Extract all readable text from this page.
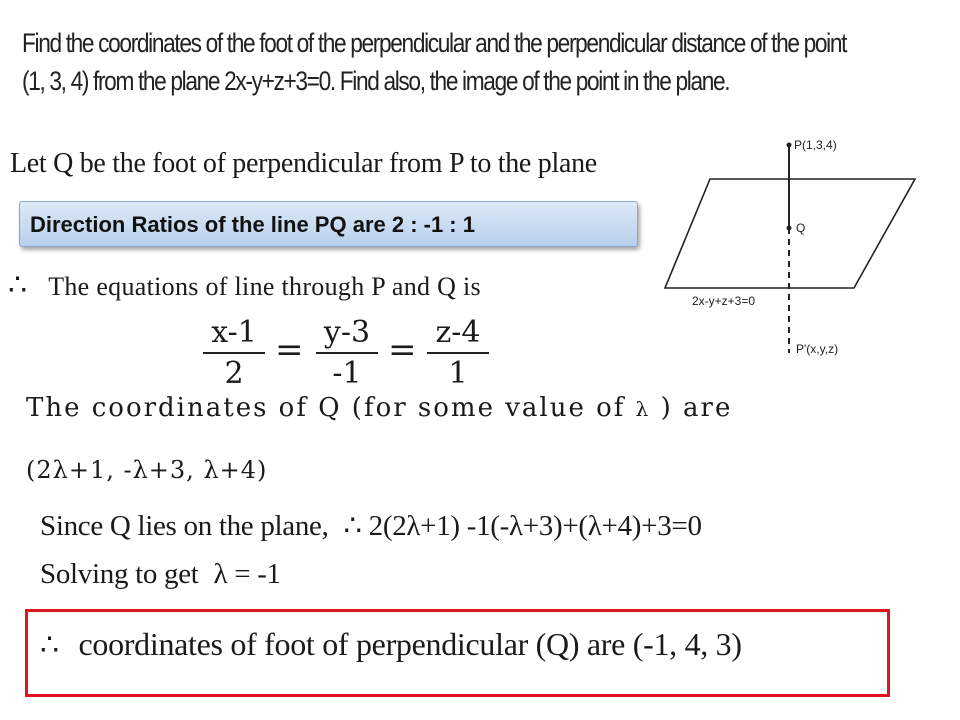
Find the coordinates of the foot of the perpendicular and the perpendicular distance of the point
(1, 3, 4) from the plane 2x-y+z+3=0. Find also, the image of the point in the plane.
Let Q be the foot of perpendicular from P to the plane
Direction Ratios of the line PQ are 2 : -1 : 1
∴ The equations of line through P and Q is
x-1
2
= y-3
-1
= z-4
1
The coordinates of Q (for some value of λ ) are
(2λ+1, -λ+3, λ+4)
Since Q lies on the plane, ∴ 2(2λ+1) -1(-λ+3)+(λ+4)+3=0
Solving to get λ = -1
∴ coordinates of foot of perpendicular (Q) are (-1, 4, 3)
P(1,3,4)
Q
2x-y+z+3=0
P'(x,y,z)
